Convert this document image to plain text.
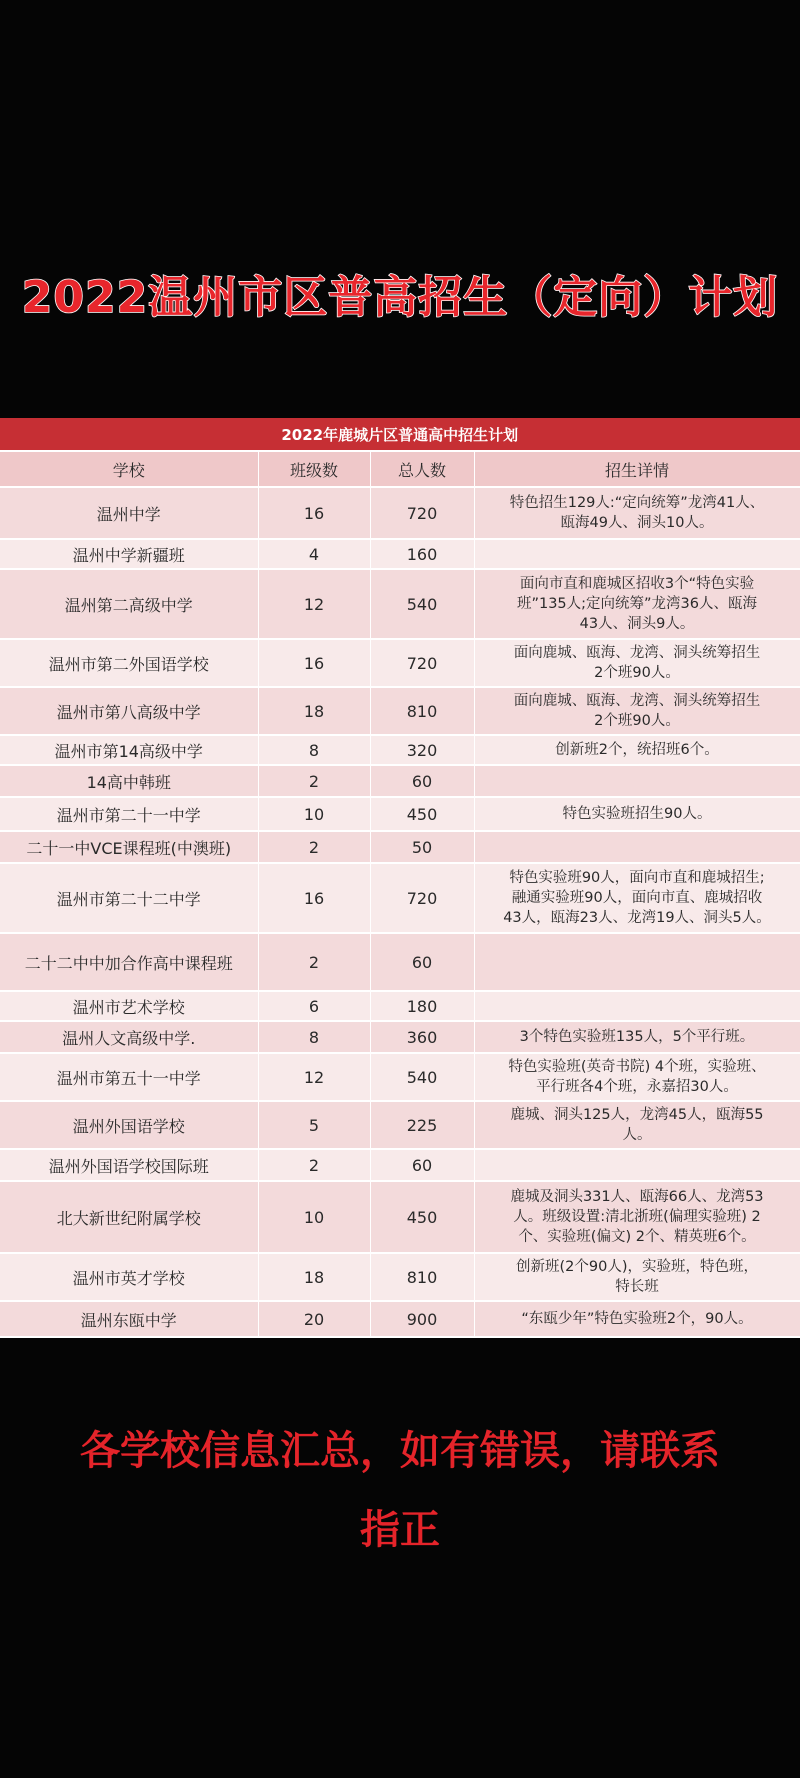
2022温州市区普高招生（定向）计划
2022年鹿城片区普通高中招生计划			
学校	班级数	总人数	招生详情
温州中学	16	720	特色招生129人:“定向统筹”龙湾41人、
瓯海49人、洞头10人。
温州中学新疆班	4	160	
温州第二高级中学	12	540	面向市直和鹿城区招收3个“特色实验
班”135人;定向统筹”龙湾36人、瓯海
43人、洞头9人。
温州市第二外国语学校	16	720	面向鹿城、瓯海、龙湾、洞头统筹招生
2个班90人。
温州市第八高级中学	18	810	面向鹿城、瓯海、龙湾、洞头统筹招生
2个班90人。
温州市第14高级中学	8	320	创新班2个，统招班6个。
14高中韩班	2	60	
温州市第二十一中学	10	450	特色实验班招生90人。
二十一中VCE课程班(中澳班)	2	50	
温州市第二十二中学	16	720	特色实验班90人，面向市直和鹿城招生;
融通实验班90人，面向市直、鹿城招收
43人，瓯海23人、龙湾19人、洞头5人。
二十二中中加合作高中课程班	2	60	
温州市艺术学校	6	180	
温州人文高级中学.	8	360	3个特色实验班135人，5个平行班。
温州市第五十一中学	12	540	特色实验班(英奇书院) 4个班，实验班、
平行班各4个班，永嘉招30人。
温州外国语学校	5	225	鹿城、洞头125人，龙湾45人，瓯海55
人。
温州外国语学校国际班	2	60	
北大新世纪附属学校	10	450	鹿城及洞头331人、瓯海66人、龙湾53
人。班级设置:清北浙班(偏理实验班) 2
个、实验班(偏文) 2个、精英班6个。
温州市英才学校	18	810	创新班(2个90人)，实验班，特色班，
特长班
温州东瓯中学	20	900	“东瓯少年”特色实验班2个，90人。
各学校信息汇总，如有错误，请联系
指正
